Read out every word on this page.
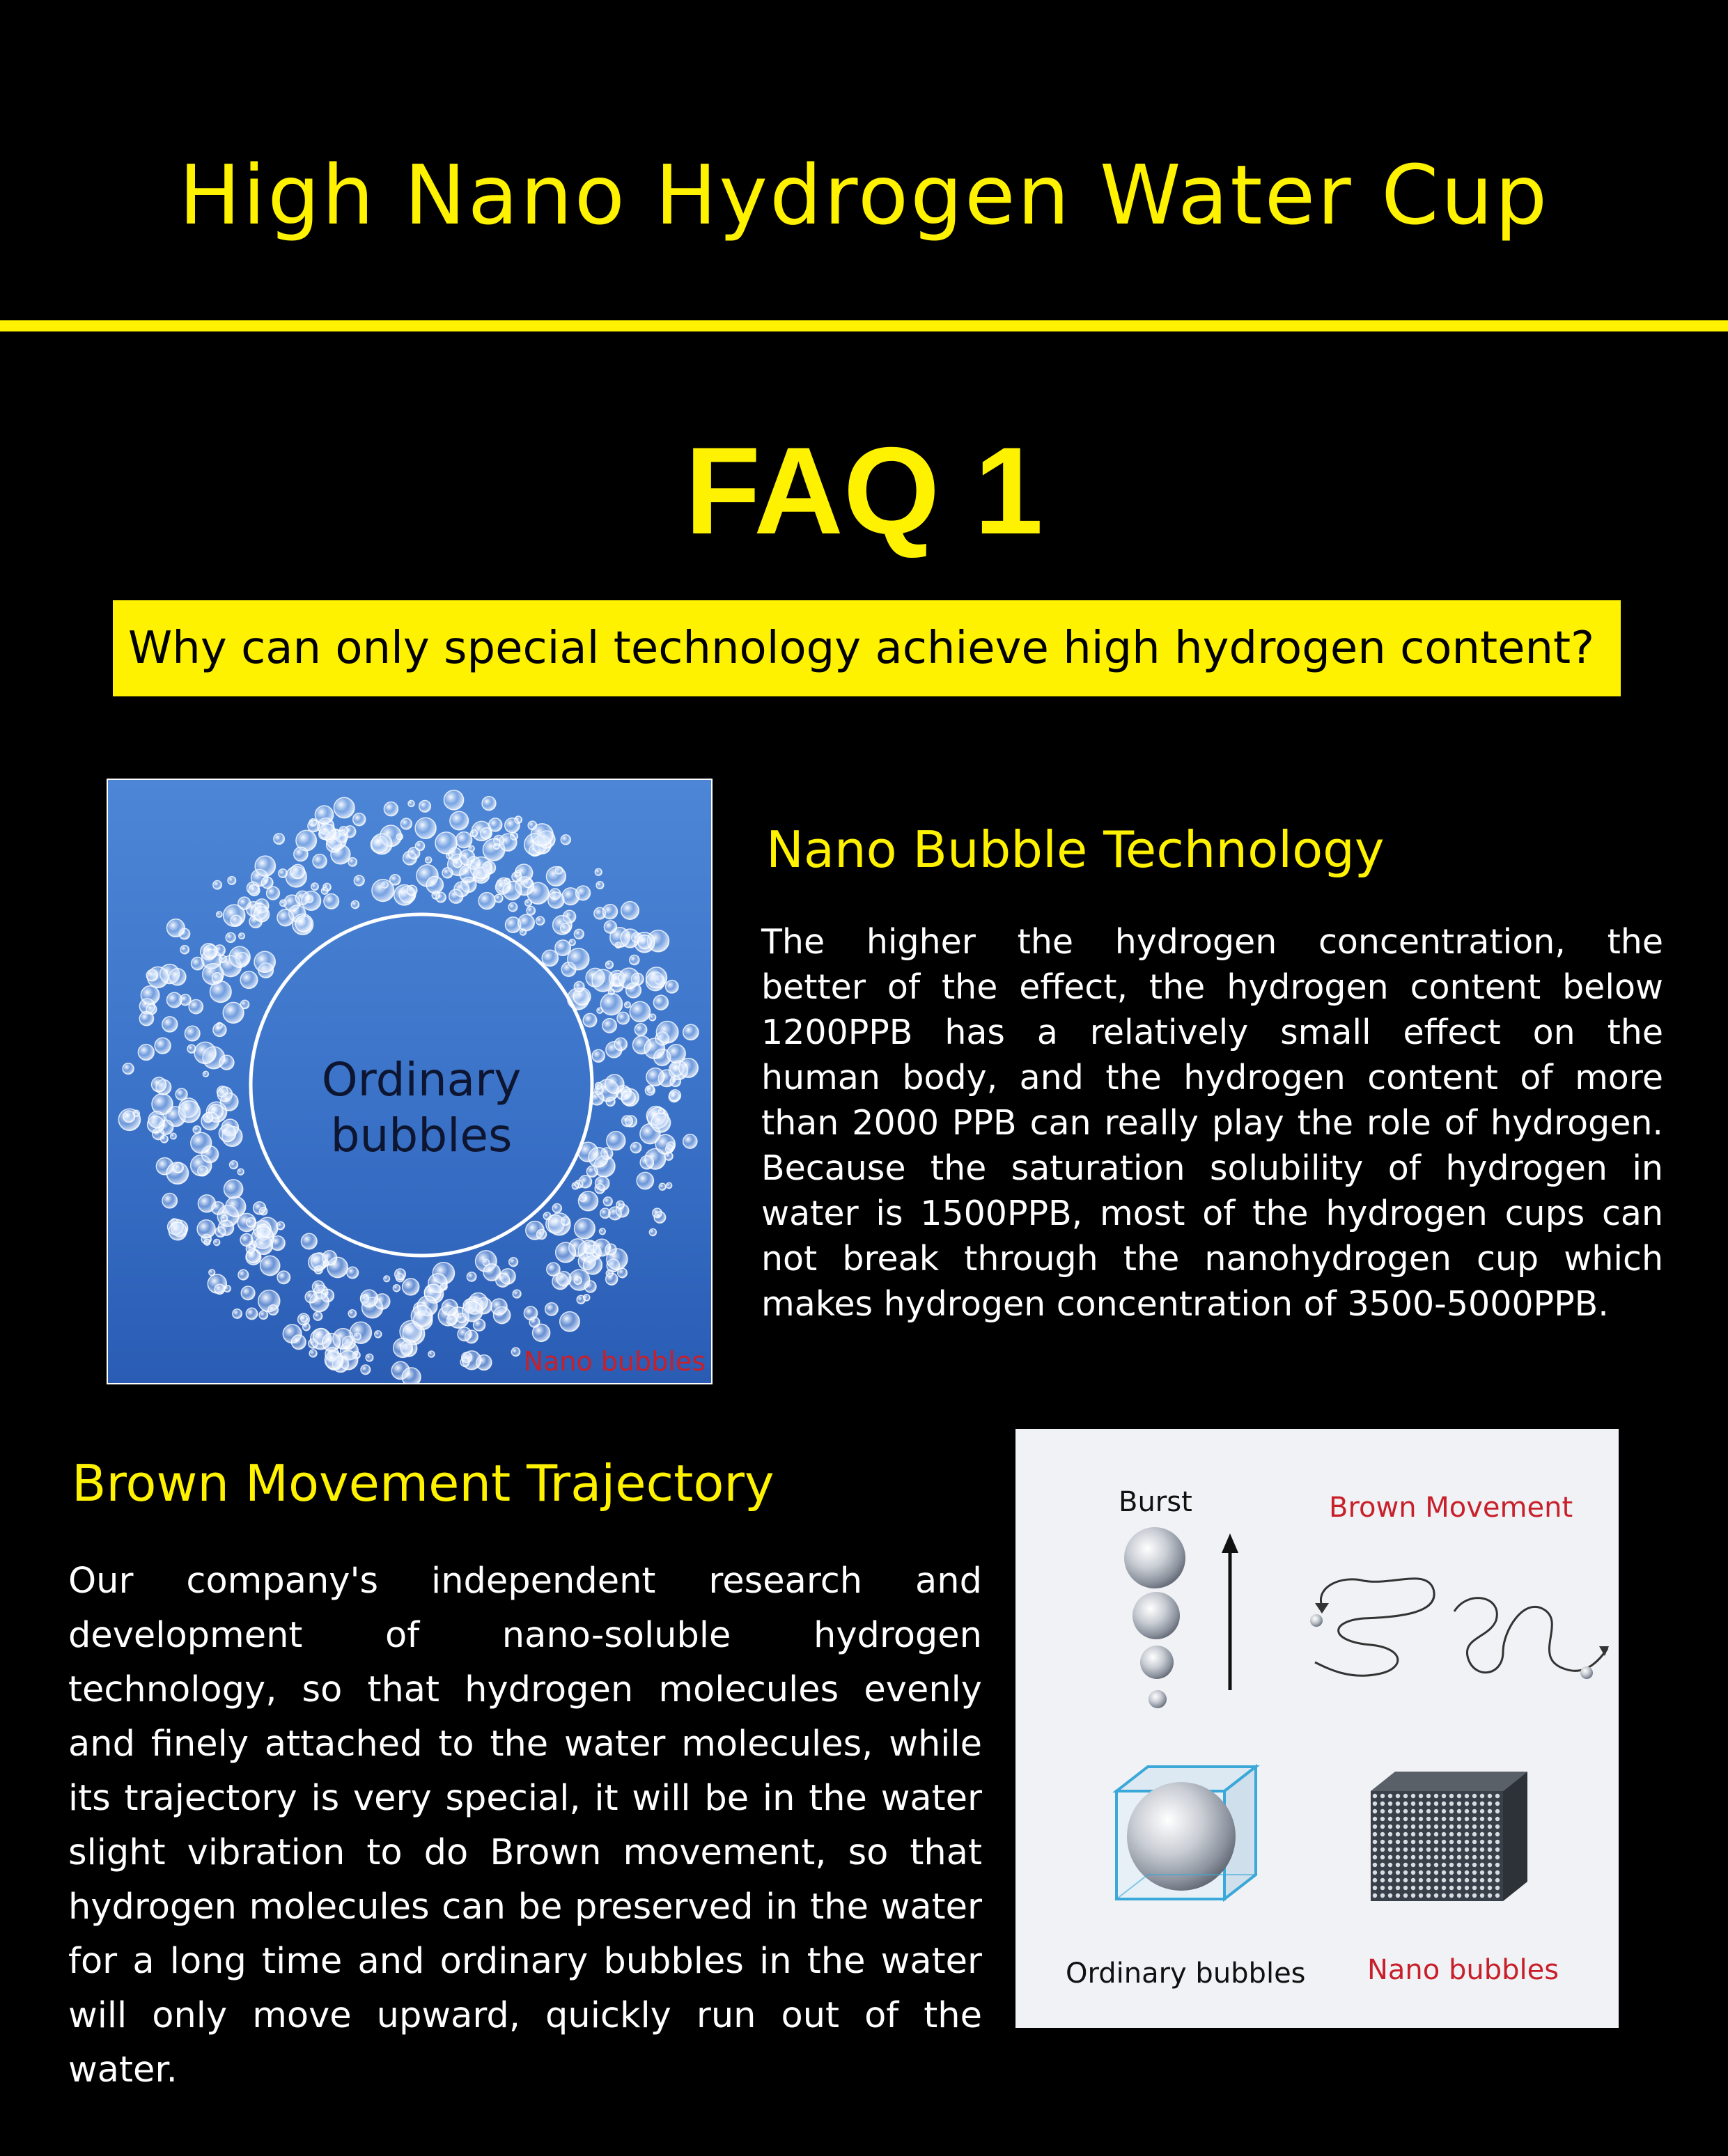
High Nano Hydrogen Water Cup
FAQ 1
Why can only special technology achieve high hydrogen content?
Ordinary
bubbles
Nano bubbles
Nano Bubble Technology
The higher the hydrogen concentration, the
better of the effect, the hydrogen content below
1200PPB has a relatively small effect on the
human body, and the hydrogen content of more
than 2000 PPB can really play the role of hydrogen.
Because the saturation solubility of hydrogen in
water is 1500PPB, most of the hydrogen cups can
not break through the nanohydrogen cup which
makes hydrogen concentration of 3500-5000PPB.
Brown Movement Trajectory
Our company's independent research and
development of nano-soluble hydrogen
technology, so that hydrogen molecules evenly
and finely attached to the water molecules, while
its trajectory is very special, it will be in the water
slight vibration to do Brown movement, so that
hydrogen molecules can be preserved in the water
for a long time and ordinary bubbles in the water
will only move upward, quickly run out of the water.
Burst	Brown Movement
Ordinary bubbles Nano bubbles
